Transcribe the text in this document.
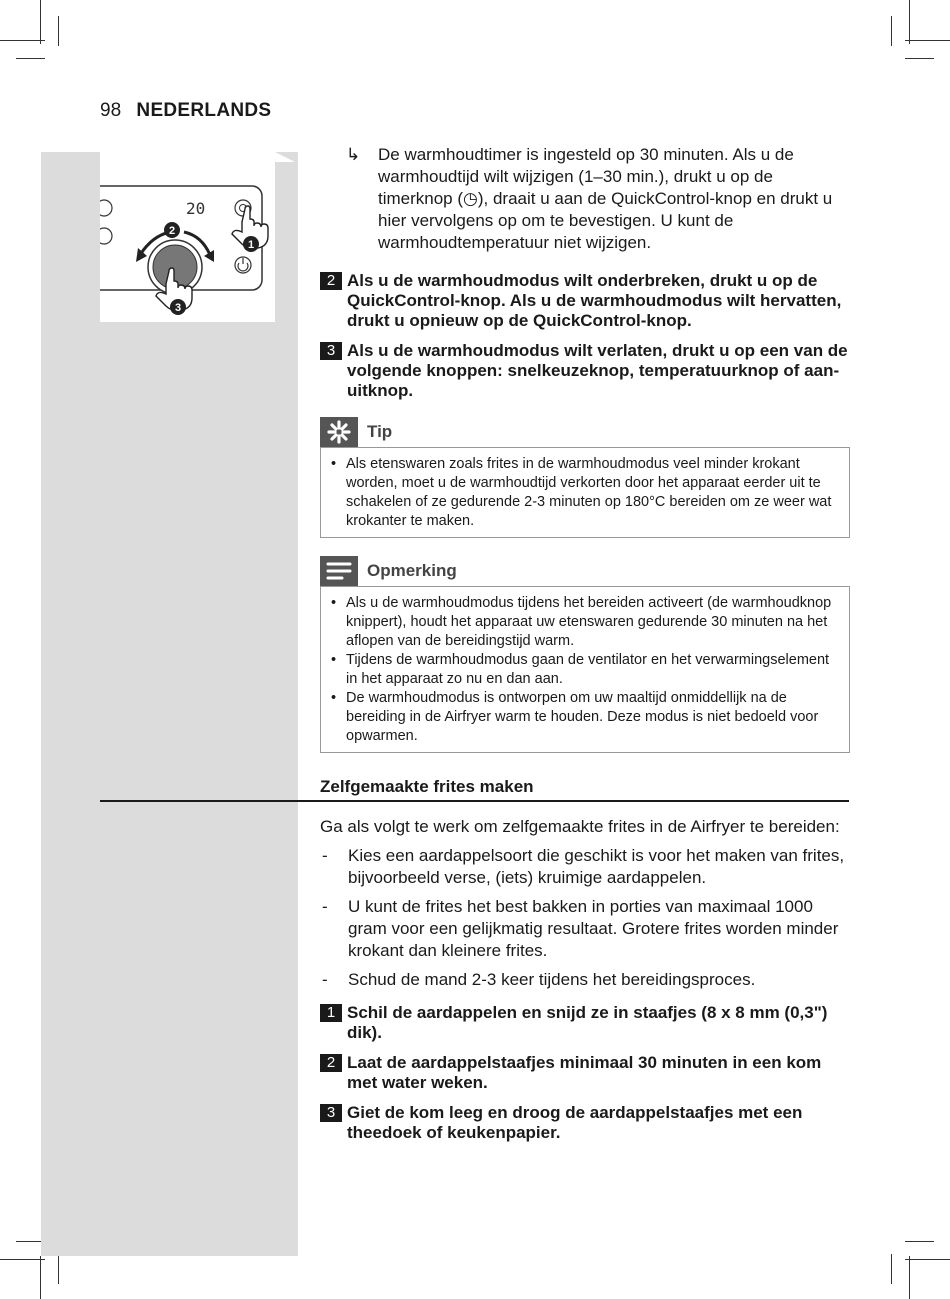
98 NEDERLANDS
20
2
3
1
↳ De warmhoudtimer is ingesteld op 30 minuten. Als u de warmhoudtijd wilt wijzigen (1–30 min.), drukt u op de timerknop (◷), draait u aan de QuickControl-knop en drukt u hier vervolgens op om te bevestigen. U kunt de warmhoudtemperatuur niet wijzigen.
2 Als u de warmhoudmodus wilt onderbreken, drukt u op de QuickControl-knop. Als u de warmhoudmodus wilt hervatten, drukt u opnieuw op de QuickControl-knop.
3 Als u de warmhoudmodus wilt verlaten, drukt u op een van de volgende knoppen: snelkeuzeknop, temperatuurknop of aan-uitknop.
Tip
• Als etenswaren zoals frites in de warmhoudmodus veel minder krokant worden, moet u de warmhoudtijd verkorten door het apparaat eerder uit te schakelen of ze gedurende 2-3 minuten op 180°C bereiden om ze weer wat krokanter te maken.
Opmerking
• Als u de warmhoudmodus tijdens het bereiden activeert (de warmhoudknop knippert), houdt het apparaat uw etenswaren gedurende 30 minuten na het aflopen van de bereidingstijd warm.
• Tijdens de warmhoudmodus gaan de ventilator en het verwarmingselement in het apparaat zo nu en dan aan.
• De warmhoudmodus is ontworpen om uw maaltijd onmiddellijk na de bereiding in de Airfryer warm te houden. Deze modus is niet bedoeld voor opwarmen.
Zelfgemaakte frites maken

Ga als volgt te werk om zelfgemaakte frites in de Airfryer te bereiden:

- Kies een aardappelsoort die geschikt is voor het maken van frites, bijvoorbeeld verse, (iets) kruimige aardappelen.
- U kunt de frites het best bakken in porties van maximaal 1000 gram voor een gelijkmatig resultaat. Grotere frites worden minder krokant dan kleinere frites.
- Schud de mand 2-3 keer tijdens het bereidingsproces.
1 Schil de aardappelen en snijd ze in staafjes (8 x 8 mm (0,3") dik).
2 Laat de aardappelstaafjes minimaal 30 minuten in een kom met water weken.
3 Giet de kom leeg en droog de aardappelstaafjes met een theedoek of keukenpapier.
